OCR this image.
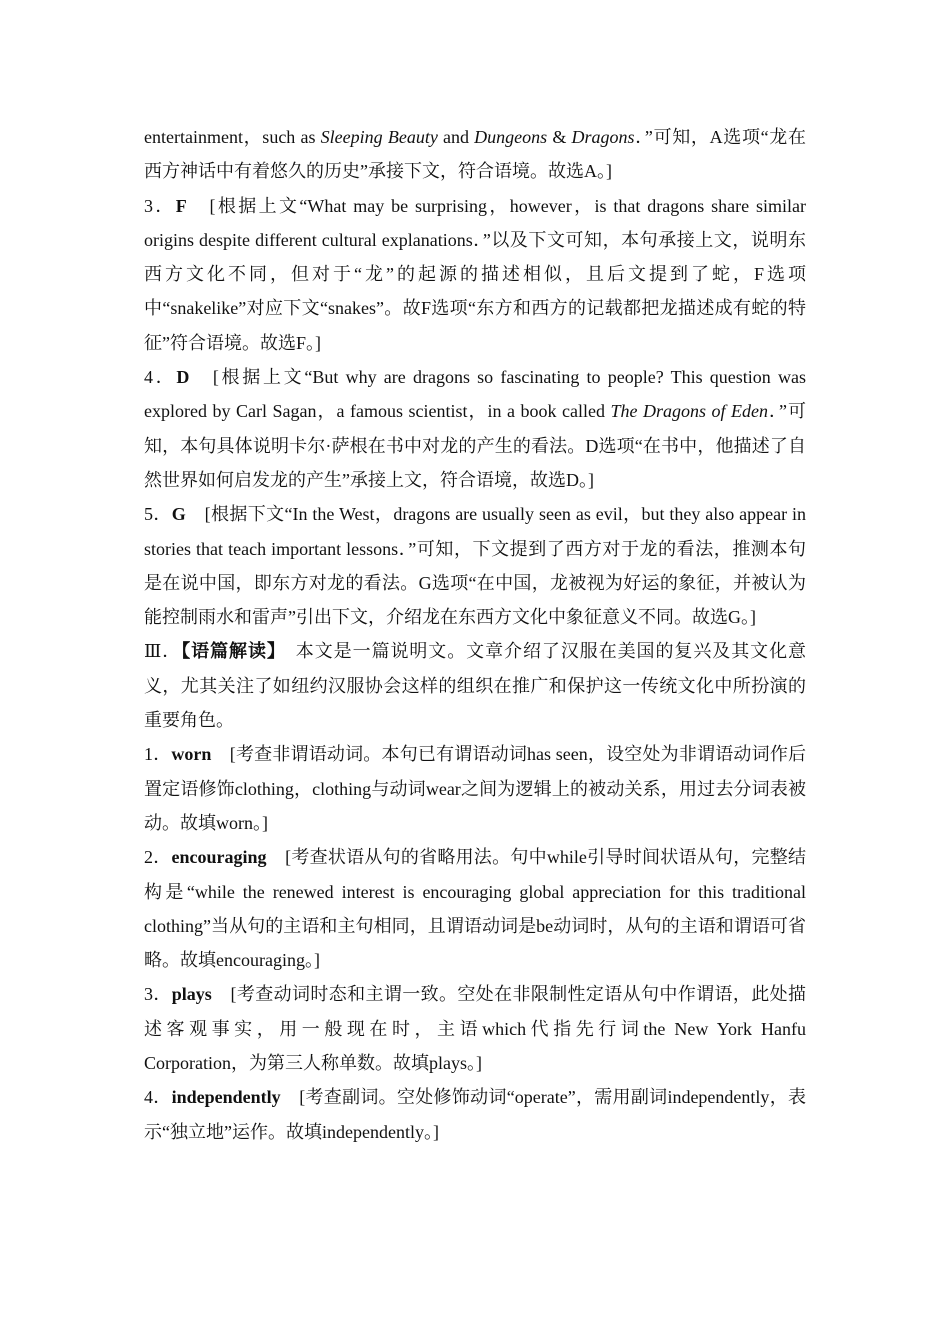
entertainment，such as Sleeping Beauty and Dungeons & Dragons．”可知，A选项“龙在西方神话中有着悠久的历史”承接下文，符合语境。故选A。]

3．F　[根据上文“What may be surprising，however，is that dragons share similar origins despite different cultural explanations．”以及下文可知，本句承接上文，说明东西方文化不同，但对于“龙”的起源的描述相似，且后文提到了蛇，F选项中“snakelike”对应下文“snakes”。故F选项“东方和西方的记载都把龙描述成有蛇的特征”符合语境。故选F。]

4．D　[根据上文“But why are dragons so fascinating to people? This question was explored by Carl Sagan，a famous scientist，in a book called The Dragons of Eden．”可知，本句具体说明卡尔·萨根在书中对龙的产生的看法。D选项“在书中，他描述了自然世界如何启发龙的产生”承接上文，符合语境，故选D。]

5．G　[根据下文“In the West，dragons are usually seen as evil，but they also appear in stories that teach important lessons．”可知，下文提到了西方对于龙的看法，推测本句是在说中国，即东方对龙的看法。G选项“在中国，龙被视为好运的象征，并被认为能控制雨水和雷声”引出下文，介绍龙在东西方文化中象征意义不同。故选G。]

Ⅲ．【语篇解读】　本文是一篇说明文。文章介绍了汉服在美国的复兴及其文化意义，尤其关注了如纽约汉服协会这样的组织在推广和保护这一传统文化中所扮演的重要角色。

1．worn　[考查非谓语动词。本句已有谓语动词has seen，设空处为非谓语动词作后置定语修饰clothing，clothing与动词wear之间为逻辑上的被动关系，用过去分词表被动。故填worn。]

2．encouraging　[考查状语从句的省略用法。句中while引导时间状语从句，完整结构是“while the renewed interest is encouraging global appreciation for this traditional clothing”当从句的主语和主句相同，且谓语动词是be动词时，从句的主语和谓语可省略。故填encouraging。]

3．plays　[考查动词时态和主谓一致。空处在非限制性定语从句中作谓语，此处描述客观事实，用一般现在时，主语which代指先行词the New York Hanfu Corporation，为第三人称单数。故填plays。]

4．independently　[考查副词。空处修饰动词“operate”，需用副词independently，表示“独立地”运作。故填independently。]
